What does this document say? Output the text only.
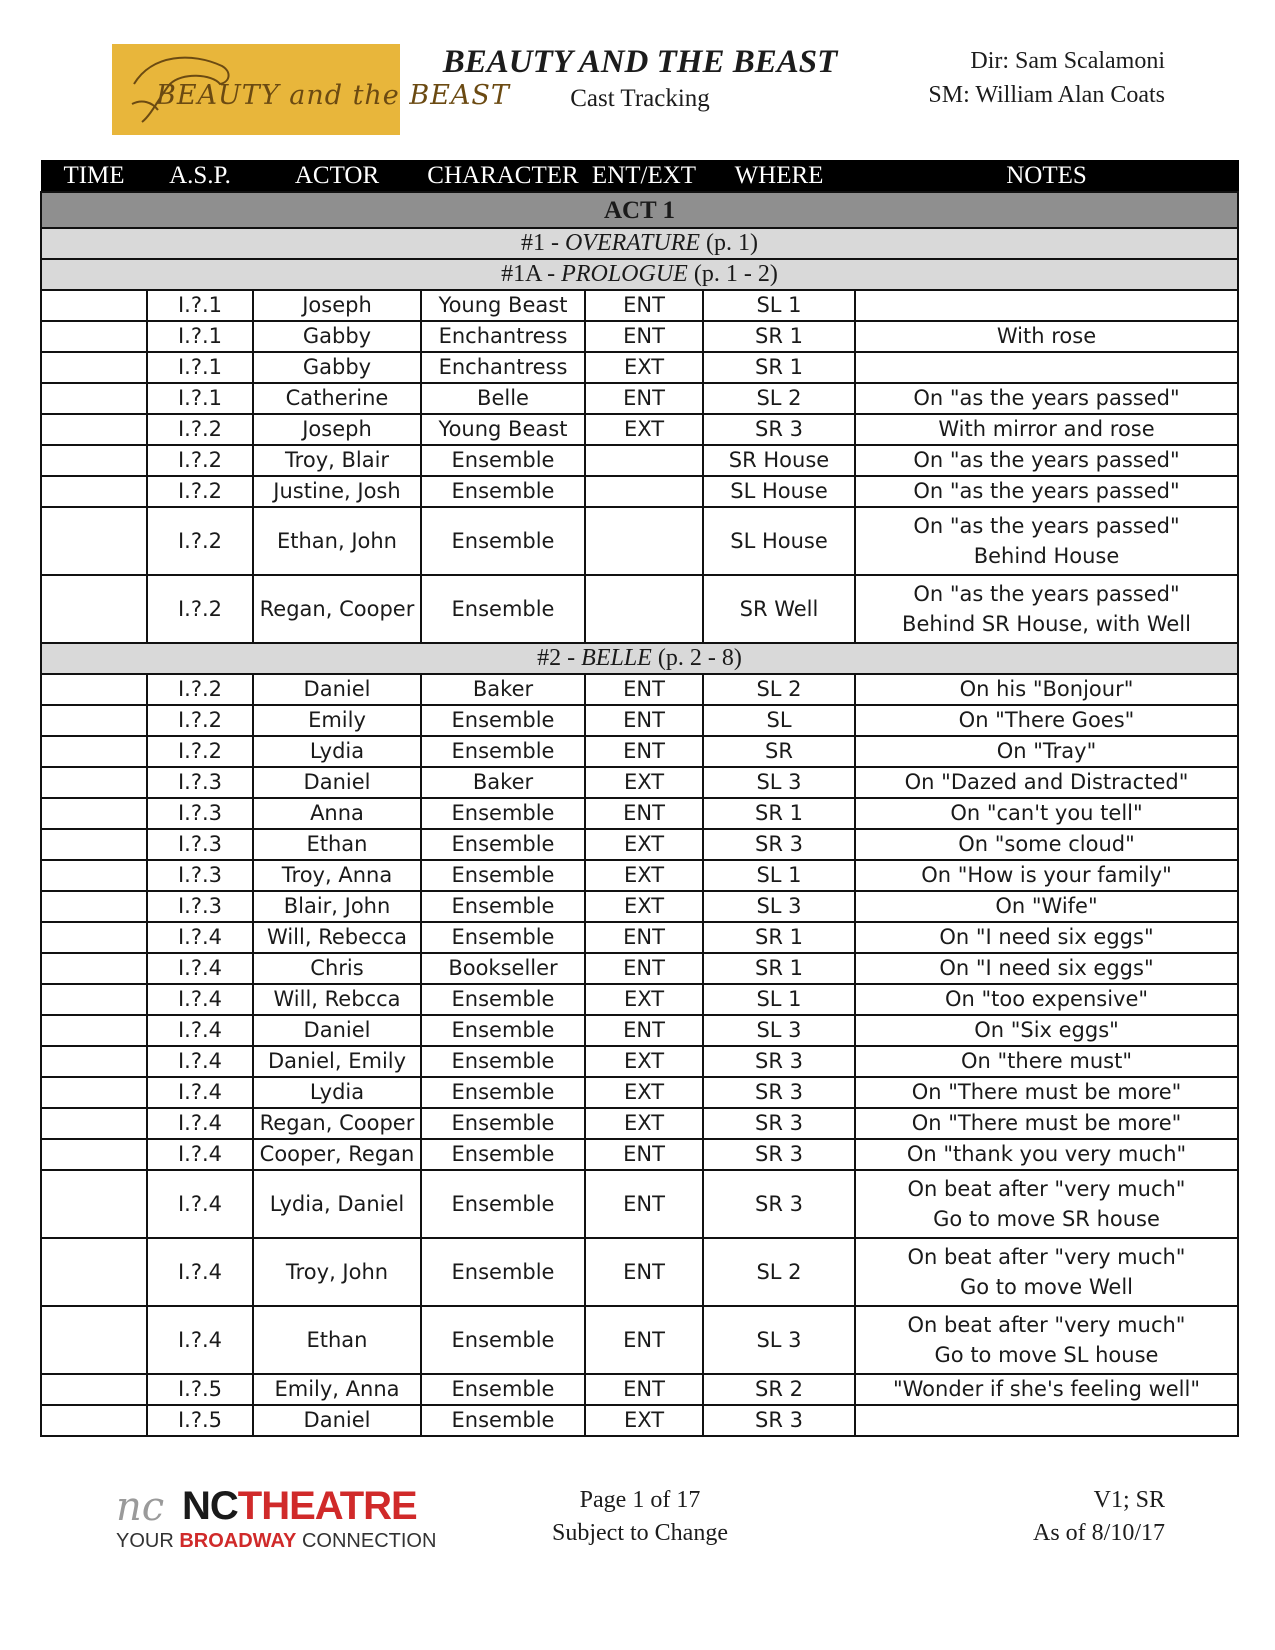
BEAUTY and the BEAST
BEAUTY AND THE BEAST
Cast Tracking
Dir: Sam Scalamoni
SM: William Alan Coats
TIME	A.S.P.	ACTOR	CHARACTER	ENT/EXT	WHERE	NOTES
ACT 1						
#1 - OVERATURE (p. 1)						
#1A - PROLOGUE (p. 1 - 2)						
	I.?.1	Joseph	Young Beast	ENT	SL 1	

	I.?.1	Gabby	Enchantress	ENT	SR 1	With rose

	I.?.1	Gabby	Enchantress	EXT	SR 1	

	I.?.1	Catherine	Belle	ENT	SL 2	On "as the years passed"

	I.?.2	Joseph	Young Beast	EXT	SR 3	With mirror and rose

	I.?.2	Troy, Blair	Ensemble		SR House	On "as the years passed"

	I.?.2	Justine, Josh	Ensemble		SL House	On "as the years passed"

	I.?.2	Ethan, John	Ensemble		SL House	On "as the years passed"
Behind House

	I.?.2	Regan, Cooper	Ensemble		SR Well	On "as the years passed"
Behind SR House, with Well

#2 - BELLE (p. 2 - 8)						
	I.?.2	Daniel	Baker	ENT	SL 2	On his "Bonjour"

	I.?.2	Emily	Ensemble	ENT	SL	On "There Goes"

	I.?.2	Lydia	Ensemble	ENT	SR	On "Tray"

	I.?.3	Daniel	Baker	EXT	SL 3	On "Dazed and Distracted"

	I.?.3	Anna	Ensemble	ENT	SR 1	On "can't you tell"

	I.?.3	Ethan	Ensemble	EXT	SR 3	On "some cloud"

	I.?.3	Troy, Anna	Ensemble	EXT	SL 1	On "How is your family"

	I.?.3	Blair, John	Ensemble	EXT	SL 3	On "Wife"

	I.?.4	Will, Rebecca	Ensemble	ENT	SR 1	On "I need six eggs"

	I.?.4	Chris	Bookseller	ENT	SR 1	On "I need six eggs"

	I.?.4	Will, Rebcca	Ensemble	EXT	SL 1	On "too expensive"

	I.?.4	Daniel	Ensemble	ENT	SL 3	On "Six eggs"

	I.?.4	Daniel, Emily	Ensemble	EXT	SR 3	On "there must"

	I.?.4	Lydia	Ensemble	EXT	SR 3	On "There must be more"

	I.?.4	Regan, Cooper	Ensemble	EXT	SR 3	On "There must be more"

	I.?.4	Cooper, Regan	Ensemble	ENT	SR 3	On "thank you very much"

	I.?.4	Lydia, Daniel	Ensemble	ENT	SR 3	On beat after "very much"
Go to move SR house

	I.?.4	Troy, John	Ensemble	ENT	SL 2	On beat after "very much"
Go to move Well

	I.?.4	Ethan	Ensemble	ENT	SL 3	On beat after "very much"
Go to move SL house

	I.?.5	Emily, Anna	Ensemble	ENT	SR 2	"Wonder if she's feeling well"

	I.?.5	Daniel	Ensemble	EXT	SR 3	
nc NCTHEATRE
YOUR BROADWAY CONNECTION
Page 1 of 17
Subject to Change
V1; SR
As of 8/10/17
